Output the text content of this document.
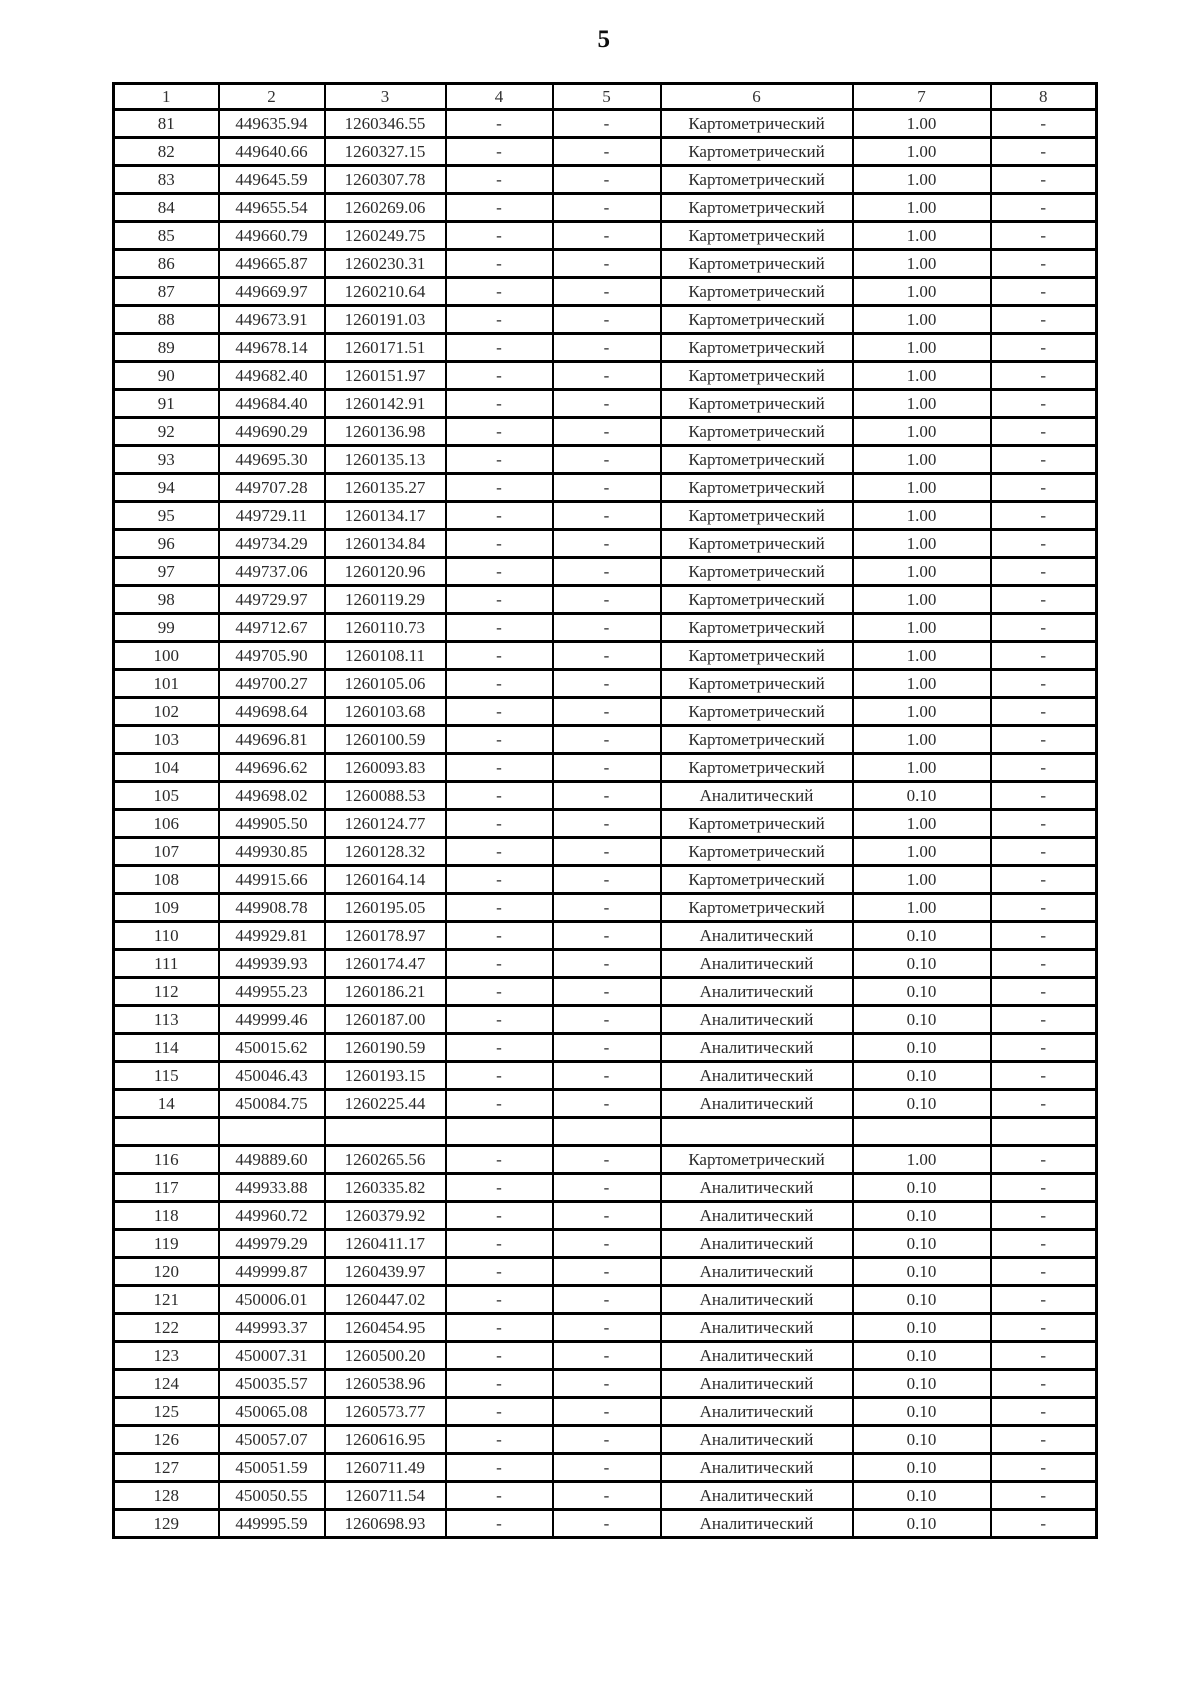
5
1	2	3	4	5	6	7	8
81	449635.94	1260346.55	-	-	Картометрический	1.00	-
82	449640.66	1260327.15	-	-	Картометрический	1.00	-
83	449645.59	1260307.78	-	-	Картометрический	1.00	-
84	449655.54	1260269.06	-	-	Картометрический	1.00	-
85	449660.79	1260249.75	-	-	Картометрический	1.00	-
86	449665.87	1260230.31	-	-	Картометрический	1.00	-
87	449669.97	1260210.64	-	-	Картометрический	1.00	-
88	449673.91	1260191.03	-	-	Картометрический	1.00	-
89	449678.14	1260171.51	-	-	Картометрический	1.00	-
90	449682.40	1260151.97	-	-	Картометрический	1.00	-
91	449684.40	1260142.91	-	-	Картометрический	1.00	-
92	449690.29	1260136.98	-	-	Картометрический	1.00	-
93	449695.30	1260135.13	-	-	Картометрический	1.00	-
94	449707.28	1260135.27	-	-	Картометрический	1.00	-
95	449729.11	1260134.17	-	-	Картометрический	1.00	-
96	449734.29	1260134.84	-	-	Картометрический	1.00	-
97	449737.06	1260120.96	-	-	Картометрический	1.00	-
98	449729.97	1260119.29	-	-	Картометрический	1.00	-
99	449712.67	1260110.73	-	-	Картометрический	1.00	-
100	449705.90	1260108.11	-	-	Картометрический	1.00	-
101	449700.27	1260105.06	-	-	Картометрический	1.00	-
102	449698.64	1260103.68	-	-	Картометрический	1.00	-
103	449696.81	1260100.59	-	-	Картометрический	1.00	-
104	449696.62	1260093.83	-	-	Картометрический	1.00	-
105	449698.02	1260088.53	-	-	Аналитический	0.10	-
106	449905.50	1260124.77	-	-	Картометрический	1.00	-
107	449930.85	1260128.32	-	-	Картометрический	1.00	-
108	449915.66	1260164.14	-	-	Картометрический	1.00	-
109	449908.78	1260195.05	-	-	Картометрический	1.00	-
110	449929.81	1260178.97	-	-	Аналитический	0.10	-
111	449939.93	1260174.47	-	-	Аналитический	0.10	-
112	449955.23	1260186.21	-	-	Аналитический	0.10	-
113	449999.46	1260187.00	-	-	Аналитический	0.10	-
114	450015.62	1260190.59	-	-	Аналитический	0.10	-
115	450046.43	1260193.15	-	-	Аналитический	0.10	-
14	450084.75	1260225.44	-	-	Аналитический	0.10	-

116	449889.60	1260265.56	-	-	Картометрический	1.00	-
117	449933.88	1260335.82	-	-	Аналитический	0.10	-
118	449960.72	1260379.92	-	-	Аналитический	0.10	-
119	449979.29	1260411.17	-	-	Аналитический	0.10	-
120	449999.87	1260439.97	-	-	Аналитический	0.10	-
121	450006.01	1260447.02	-	-	Аналитический	0.10	-
122	449993.37	1260454.95	-	-	Аналитический	0.10	-
123	450007.31	1260500.20	-	-	Аналитический	0.10	-
124	450035.57	1260538.96	-	-	Аналитический	0.10	-
125	450065.08	1260573.77	-	-	Аналитический	0.10	-
126	450057.07	1260616.95	-	-	Аналитический	0.10	-
127	450051.59	1260711.49	-	-	Аналитический	0.10	-
128	450050.55	1260711.54	-	-	Аналитический	0.10	-
129	449995.59	1260698.93	-	-	Аналитический	0.10	-
